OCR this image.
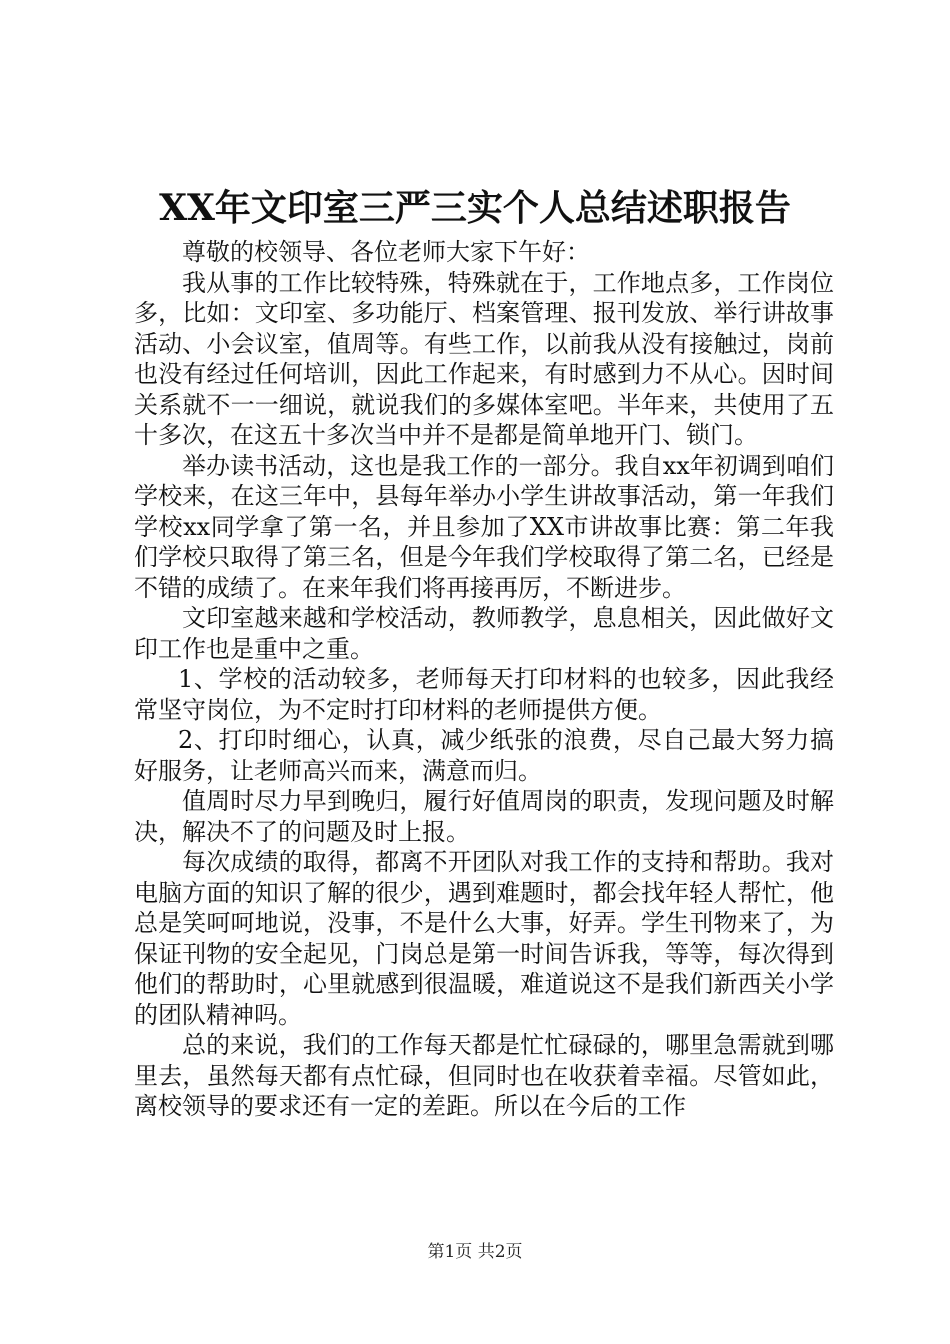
XX年文印室三严三实个人总结述职报告

尊敬的校领导、各位老师大家下午好：

我从事的工作比较特殊，特殊就在于，工作地点多，工作岗位多，比如：文印室、多功能厅、档案管理、报刊发放、举行讲故事活动、小会议室，值周等。有些工作，以前我从没有接触过，岗前也没有经过任何培训，因此工作起来，有时感到力不从心。因时间关系就不一一细说，就说我们的多媒体室吧。半年来，共使用了五十多次，在这五十多次当中并不是都是简单地开门、锁门。

举办读书活动，这也是我工作的一部分。我自xx年初调到咱们学校来，在这三年中，县每年举办小学生讲故事活动，第一年我们学校xx同学拿了第一名，并且参加了XX市讲故事比赛：第二年我们学校只取得了第三名，但是今年我们学校取得了第二名，已经是不错的成绩了。在来年我们将再接再厉，不断进步。

文印室越来越和学校活动，教师教学，息息相关，因此做好文印工作也是重中之重。

1、学校的活动较多，老师每天打印材料的也较多，因此我经常坚守岗位，为不定时打印材料的老师提供方便。

2、打印时细心，认真，减少纸张的浪费，尽自己最大努力搞好服务，让老师高兴而来，满意而归。

值周时尽力早到晚归，履行好值周岗的职责，发现问题及时解决，解决不了的问题及时上报。

每次成绩的取得，都离不开团队对我工作的支持和帮助。我对电脑方面的知识了解的很少，遇到难题时，都会找年轻人帮忙，他总是笑呵呵地说，没事，不是什么大事，好弄。学生刊物来了，为保证刊物的安全起见，门岗总是第一时间告诉我，等等，每次得到他们的帮助时，心里就感到很温暖，难道说这不是我们新西关小学的团队精神吗。

总的来说，我们的工作每天都是忙忙碌碌的，哪里急需就到哪里去，虽然每天都有点忙碌，但同时也在收获着幸福。尽管如此，离校领导的要求还有一定的差距。所以在今后的工作

第1页 共2页
